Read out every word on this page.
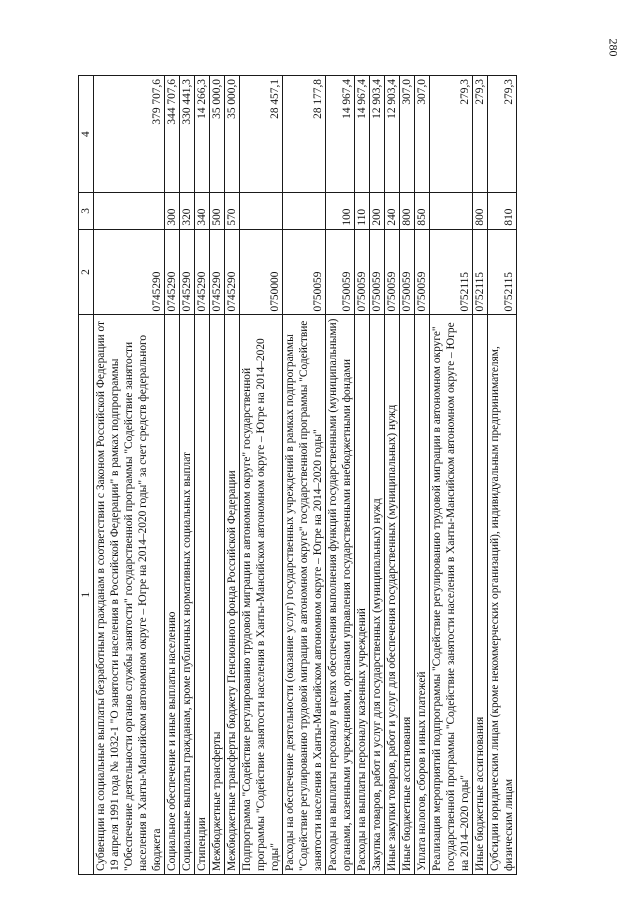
280
1	2	3	4
Субвенции на социальные выплаты безработным гражданам в соответствии с Законом Российской Федерации от 19 апреля 1991 года № 1032-1 "О занятости населения в Российской Федерации" в рамках подпрограммы "Обеспечение деятельности органов службы занятости" государственной программы "Содействие занятости населения в Ханты-Мансийском автономном округе – Югре на 2014–2020 годы" за счет средств федерального бюджета	0745290		379 707,6
Социальное обеспечение и иные выплаты населению	0745290	300	344 707,6
Социальные выплаты гражданам, кроме публичных нормативных социальных выплат	0745290	320	330 441,3
Стипендии	0745290	340	14 266,3
Межбюджетные трансферты	0745290	500	35 000,0
Межбюджетные трансферты бюджету Пенсионного фонда Российской Федерации	0745290	570	35 000,0
Подпрограмма "Содействие регулированию трудовой миграции в автономном округе" государственной программы "Содействие занятости населения в Ханты-Мансийском автономном округе – Югре на 2014–2020 годы"	0750000		28 457,1
Расходы на обеспечение деятельности (оказание услуг) государственных учреждений в рамках подпрограммы "Содействие регулированию трудовой миграции в автономном округе" государственной программы "Содействие занятости населения в Ханты-Мансийском автономном округе – Югре на 2014–2020 годы"	0750059		28 177,8
Расходы на выплаты персоналу в целях обеспечения выполнения функций государственными (муниципальными) органами, казенными учреждениями, органами управления государственными внебюджетными фондами	0750059	100	14 967,4
Расходы на выплаты персоналу казенных учреждений	0750059	110	14 967,4
Закупка товаров, работ и услуг для государственных (муниципальных) нужд	0750059	200	12 903,4
Иные закупки товаров, работ и услуг для обеспечения государственных (муниципальных) нужд	0750059	240	12 903,4
Иные бюджетные ассигнования	0750059	800	307,0
Уплата налогов, сборов и иных платежей	0750059	850	307,0
Реализация мероприятий подпрограммы "Содействие регулированию трудовой миграции в автономном округе" государственной программы "Содействие занятости населения в Ханты-Мансийском автономном округе – Югре на 2014–2020 годы"	0752115		279,3
Иные бюджетные ассигнования	0752115	800	279,3
Субсидии юридическим лицам (кроме некоммерческих организаций), индивидуальным предпринимателям, физическим лицам	0752115	810	279,3
